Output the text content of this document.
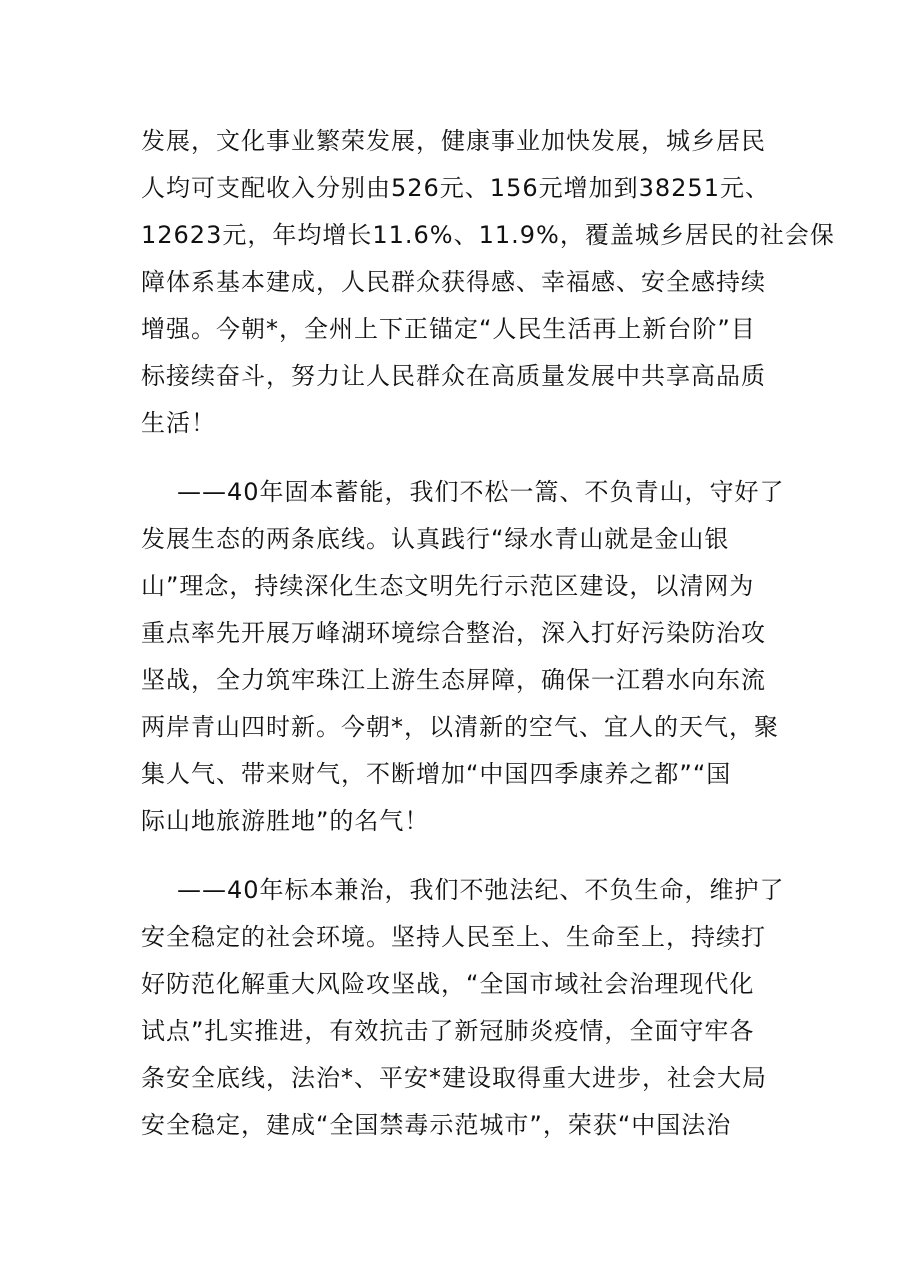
发展，文化事业繁荣发展，健康事业加快发展，城乡居民
人均可支配收入分别由526元、156元增加到38251元、
12623元，年均增长11.6%、11.9%，覆盖城乡居民的社会保
障体系基本建成，人民群众获得感、幸福感、安全感持续
增强。今朝*，全州上下正锚定“人民生活再上新台阶”目
标接续奋斗，努力让人民群众在高质量发展中共享高品质
生活！
——40年固本蓄能，我们不松一篙、不负青山，守好了
发展生态的两条底线。认真践行“绿水青山就是金山银
山”理念，持续深化生态文明先行示范区建设，以清网为
重点率先开展万峰湖环境综合整治，深入打好污染防治攻
坚战，全力筑牢珠江上游生态屏障，确保一江碧水向东流
两岸青山四时新。今朝*，以清新的空气、宜人的天气，聚
集人气、带来财气，不断增加“中国四季康养之都”“国
际山地旅游胜地”的名气！
——40年标本兼治，我们不弛法纪、不负生命，维护了
安全稳定的社会环境。坚持人民至上、生命至上，持续打
好防范化解重大风险攻坚战，“全国市域社会治理现代化
试点”扎实推进，有效抗击了新冠肺炎疫情，全面守牢各
条安全底线，法治*、平安*建设取得重大进步，社会大局
安全稳定，建成“全国禁毒示范城市”，荣获“中国法治
